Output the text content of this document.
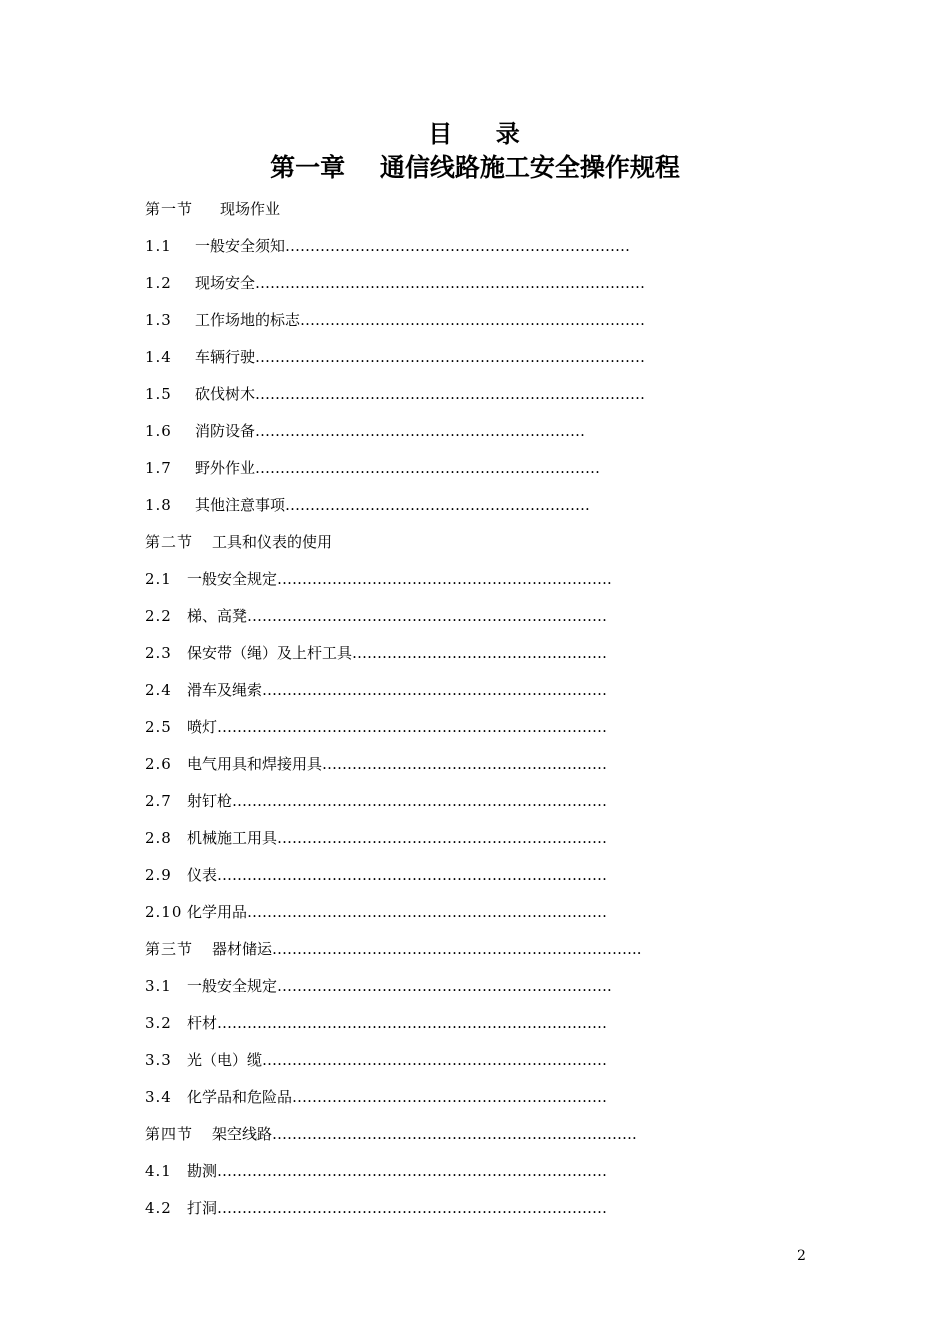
目    录
第一章    通信线路施工安全操作规程
第一节 现场作业
1.1 一般安全须知……………………………………………………………
1.2 现场安全……………………………………………………………………
1.3 工作场地的标志……………………………………………………………
1.4 车辆行驶……………………………………………………………………
1.5 砍伐树木……………………………………………………………………
1.6 消防设备…………………………………………………………
1.7 野外作业……………………………………………………………
1.8 其他注意事项…………………………………………………….
第二节 工具和仪表的使用
2.1 一般安全规定………………………………………………………….
2.2 梯、高凳………………………………………………………………
2.3 保安带（绳）及上杆工具……………………………………………
2.4 滑车及绳索……………………………………………………………
2.5 喷灯……………………………………………………………………
2.6 电气用具和焊接用具…………………………………………………
2.7 射钉枪…………………………………………………………………
2.8 机械施工用具…………………………………………………………
2.9 仪表……………………………………………………………………
2.10 化学用品………………………………………………………………
第三节 器材储运………………………………………………………………..
3.1 一般安全规定………………………………………………………….
3.2 杆材……………………………………………………………………
3.3 光（电）缆……………………………………………………………
3.4 化学品和危险品………………………………………………………
第四节 架空线路……………………………………………………………….
4.1 勘测……………………………………………………………………
4.2 打洞……………………………………………………………………
2
